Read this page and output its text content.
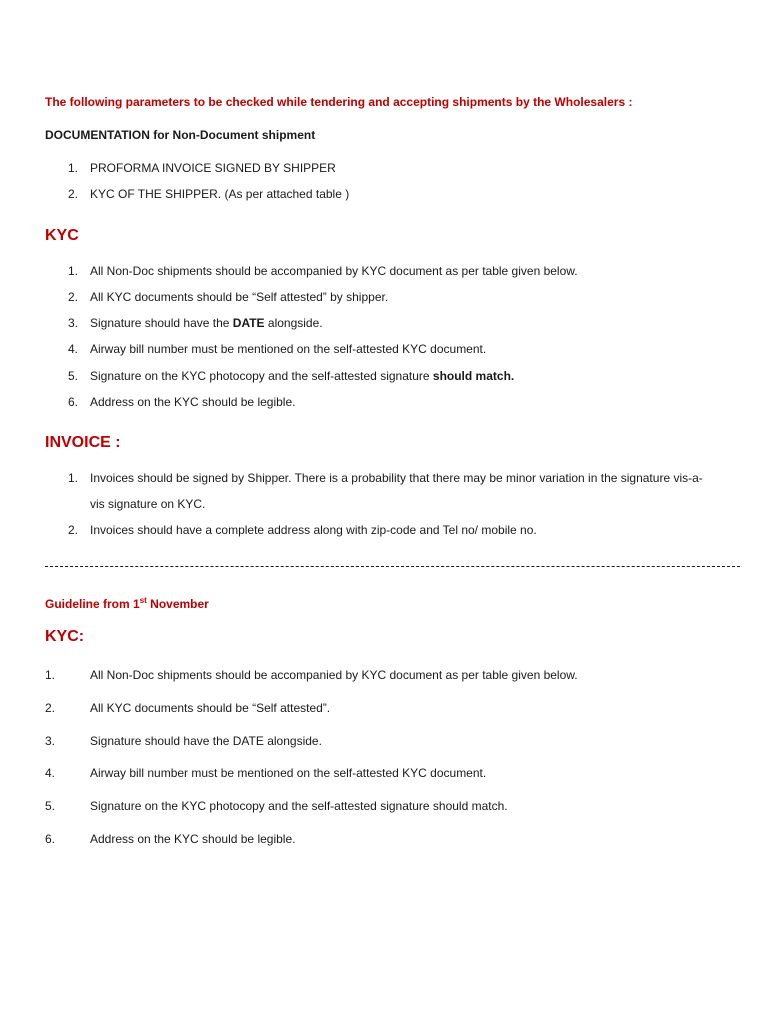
The following parameters to be checked while tendering and accepting shipments by the Wholesalers :
DOCUMENTATION for Non-Document shipment
1. PROFORMA INVOICE SIGNED BY SHIPPER
2. KYC OF THE SHIPPER. (As per attached table )
KYC
1. All Non-Doc shipments should be accompanied by KYC document as per table given below.
2. All KYC documents should be “Self attested” by shipper.
3. Signature should have the DATE alongside.
4. Airway bill number must be mentioned on the self-attested KYC document.
5. Signature on the KYC photocopy and the self-attested signature should match.
6. Address on the KYC should be legible.
INVOICE :
1. Invoices should be signed by Shipper. There is a probability that there may be minor variation in the signature vis-a-
vis signature on KYC.
2. Invoices should have a complete address along with zip-code and Tel no/ mobile no.
Guideline from 1st November
KYC:
1.	All Non-Doc shipments should be accompanied by KYC document as per table given below.
2.	All KYC documents should be “Self attested”.
3.	Signature should have the DATE alongside.
4.	Airway bill number must be mentioned on the self-attested KYC document.
5.	Signature on the KYC photocopy and the self-attested signature should match.
6.	Address on the KYC should be legible.
